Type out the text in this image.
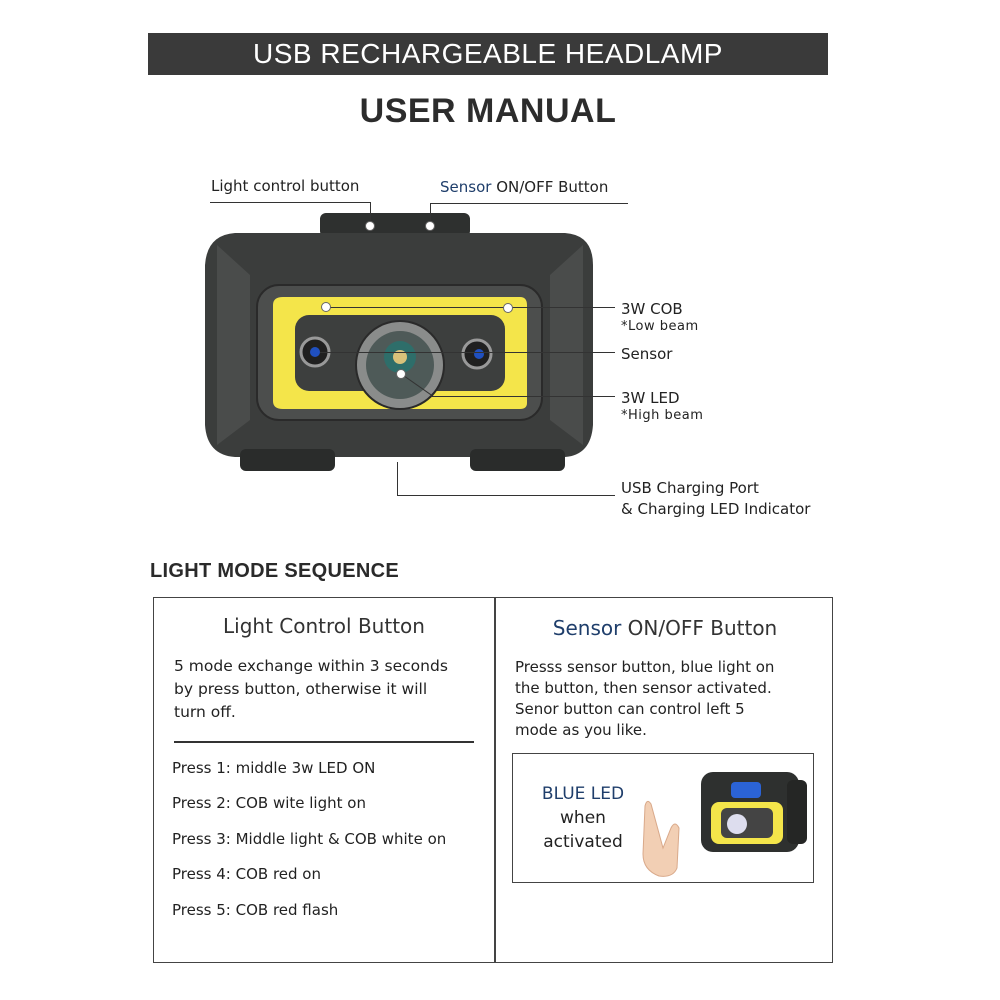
USB RECHARGEABLE HEADLAMP
USER MANUAL
Light control button	Sensor ON/OFF Button
3W COB
*Low beam
Sensor
3W LED
*High beam
USB Charging Port
& Charging LED Indicator
LIGHT MODE SEQUENCE
Light Control Button
5 mode exchange within 3 seconds
by press button, otherwise it will
turn off.
Press 1: middle 3w LED ON
Press 2: COB wite light on
Press 3: Middle light & COB white on
Press 4: COB red on
Press 5: COB red flash
Sensor ON/OFF Button
Presss sensor button, blue light on
the button, then sensor activated.
Senor button can control left 5
mode as you like.
BLUE LED
when
activated
